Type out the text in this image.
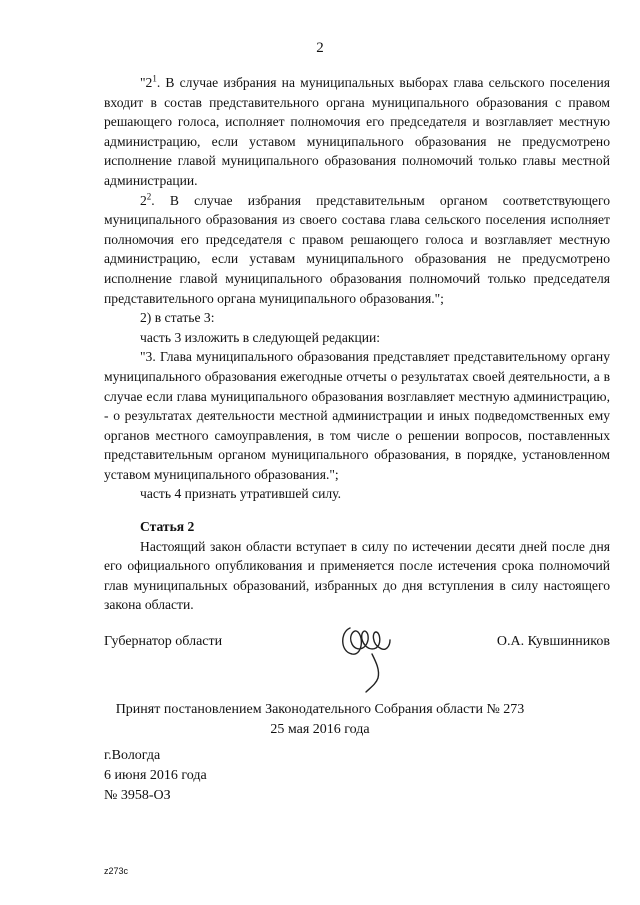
2

"$2^1$. В случае избрания на муниципальных выборах глава сельского поселения входит в состав представительного органа муниципального образования с правом решающего голоса, исполняет полномочия его председателя и возглавляет местную администрацию, если уставом муниципального образования не предусмотрено исполнение главой муниципального образования полномочий только главы местной администрации.

$2^2$. В случае избрания представительным органом соответствующего муниципального образования из своего состава глава сельского поселения исполняет полномочия его председателя с правом решающего голоса и возглавляет местную администрацию, если уставам муниципального образования не предусмотрено исполнение главой муниципального образования полномочий только председателя представительного органа муниципального образования.";

2) в статье 3:

часть 3 изложить в следующей редакции:

"3. Глава муниципального образования представляет представительному органу муниципального образования ежегодные отчеты о результатах своей деятельности, а в случае если глава муниципального образования возглавляет местную администрацию, - о результатах деятельности местной администрации и иных подведомственных ему органов местного самоуправления, в том числе о решении вопросов, поставленных представительным органом муниципального образования, в порядке, установленном уставом муниципального образования.";

часть 4 признать утратившей силу.

Статья 2

Настоящий закон области вступает в силу по истечении десяти дней после дня его официального опубликования и применяется после истечения срока полномочий глав муниципальных образований, избранных до дня вступления в силу настоящего закона области.

Губернатор области	О.А. Кувшинников
Принят постановлением Законодательного Собрания области № 273
25 мая 2016 года
г.Вологда
6 июня 2016 года
№ 3958-ОЗ
z273c
